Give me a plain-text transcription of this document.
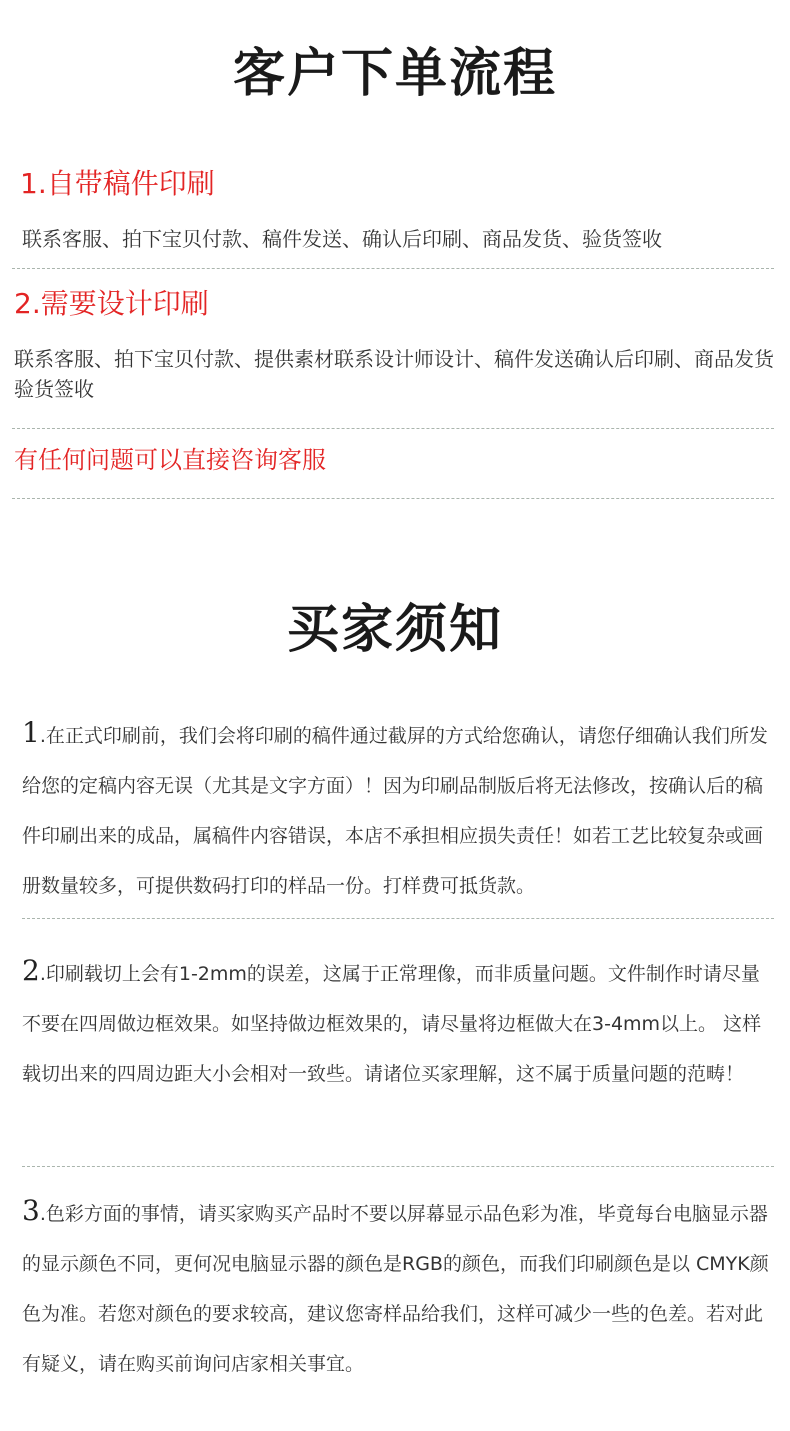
客户下单流程
1.自带稿件印刷
联系客服、拍下宝贝付款、稿件发送、确认后印刷、商品发货、验货签收
2.需要设计印刷
联系客服、拍下宝贝付款、提供素材联系设计师设计、稿件发送确认后印刷、商品发货
验货签收
有任何问题可以直接咨询客服
买家须知
1.在正式印刷前，我们会将印刷的稿件通过截屏的方式给您确认，请您仔细确认我们所发给您的定稿内容无误（尤其是文字方面）！因为印刷品制版后将无法修改，按确认后的稿件印刷出来的成品，属稿件内容错误，本店不承担相应损失责任！如若工艺比较复杂或画册数量较多，可提供数码打印的样品一份。打样费可抵货款。
2.印刷载切上会有1-2mm的误差，这属于正常理像，而非质量问题。文件制作时请尽量不要在四周做边框效果。如坚持做边框效果的，请尽量将边框做大在3-4mm以上。 这样载切出来的四周边距大小会相对一致些。请诸位买家理解，这不属于质量问题的范畴！
3.色彩方面的事情，请买家购买产品时不要以屏幕显示品色彩为准，毕竟每台电脑显示器的显示颜色不同，更何况电脑显示器的颜色是RGB的颜色，而我们印刷颜色是以 CMYK颜色为准。若您对颜色的要求较高，建议您寄样品给我们，这样可减少一些的色差。若对此有疑义，请在购买前询问店家相关事宜。
